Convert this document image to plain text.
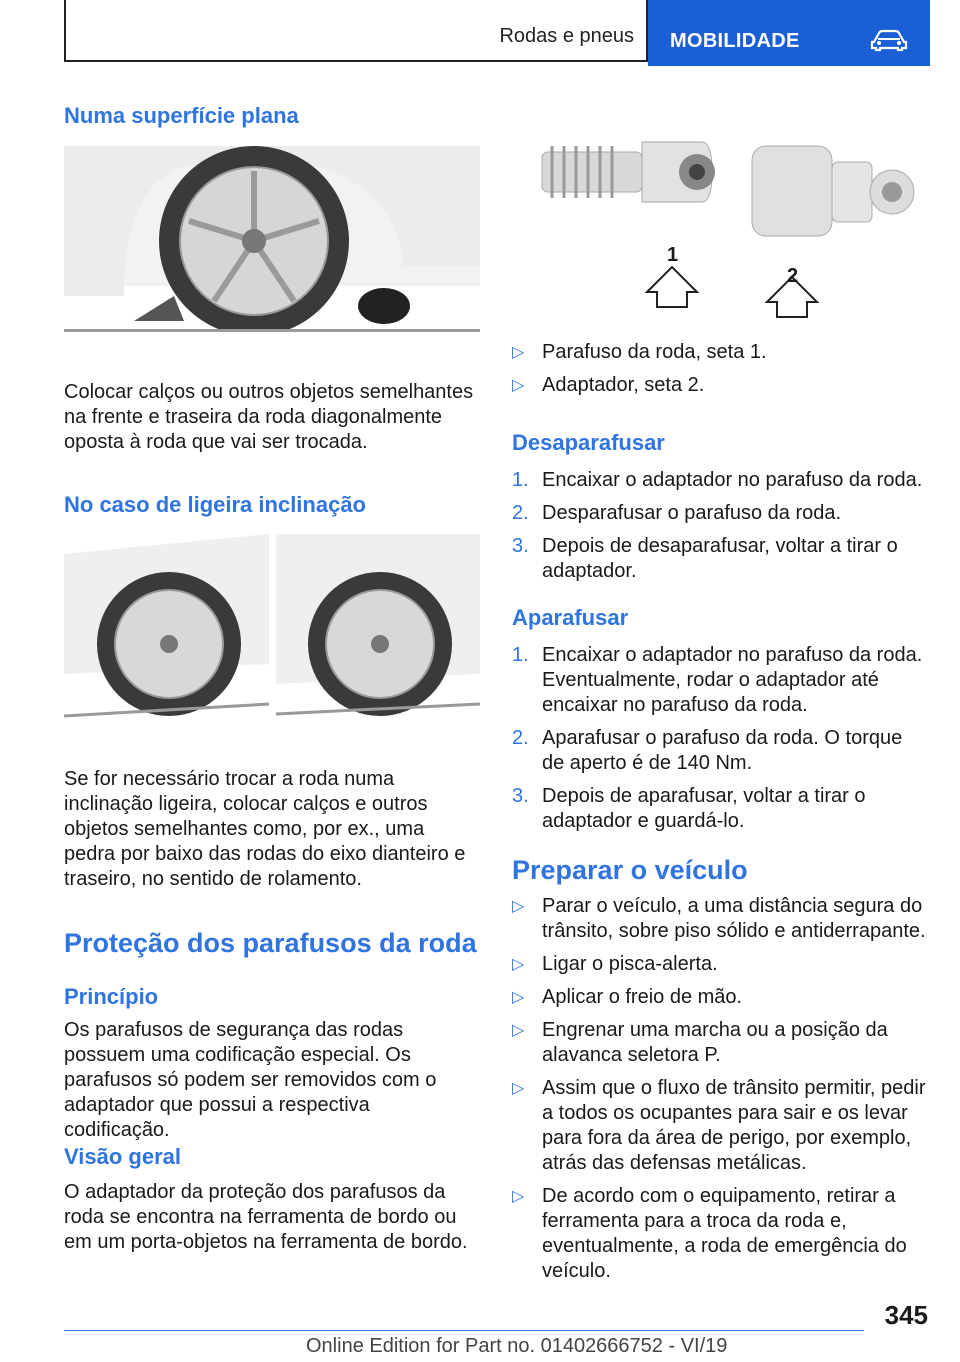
Rodas e pneus MOBILIDADE
Numa superfície plana

Colocar calços ou outros objetos semelhantes na frente e traseira da roda diagonalmente oposta à roda que vai ser trocada.

No caso de ligeira inclinação

Se for necessário trocar a roda numa inclinação ligeira, colocar calços e outros objetos semelhantes como, por ex., uma pedra por baixo das rodas do eixo dianteiro e traseiro, no sentido de rolamento.

Proteção dos parafusos da roda
Princípio

Os parafusos de segurança das rodas possuem uma codificação especial. Os parafusos só podem ser removidos com o adaptador que possui a respectiva codificação.

Visão geral

O adaptador da proteção dos parafusos da roda se encontra na ferramenta de bordo ou em um porta-objetos na ferramenta de bordo.

1
2
▷ Parafuso da roda, seta 1.
▷ Adaptador, seta 2.
Desaparafusar
1. Encaixar o adaptador no parafuso da roda.
2. Desparafusar o parafuso da roda.
3. Depois de desaparafusar, voltar a tirar o adaptador.
Aparafusar
1. Encaixar o adaptador no parafuso da roda. Eventualmente, rodar o adaptador até encaixar no parafuso da roda.
2. Aparafusar o parafuso da roda. O torque de aperto é de 140 Nm.
3. Depois de aparafusar, voltar a tirar o adaptador e guardá-lo.
Preparar o veículo
▷ Parar o veículo, a uma distância segura do trânsito, sobre piso sólido e antiderrapante.
▷ Ligar o pisca-alerta.
▷ Aplicar o freio de mão.
▷ Engrenar uma marcha ou a posição da alavanca seletora P.
▷ Assim que o fluxo de trânsito permitir, pedir a todos os ocupantes para sair e os levar para fora da área de perigo, por exemplo, atrás das defensas metálicas.
▷ De acordo com o equipamento, retirar a ferramenta para a troca da roda e, eventualmente, a roda de emergência do veículo.
345
Online Edition for Part no. 01402666752 - VI/19
